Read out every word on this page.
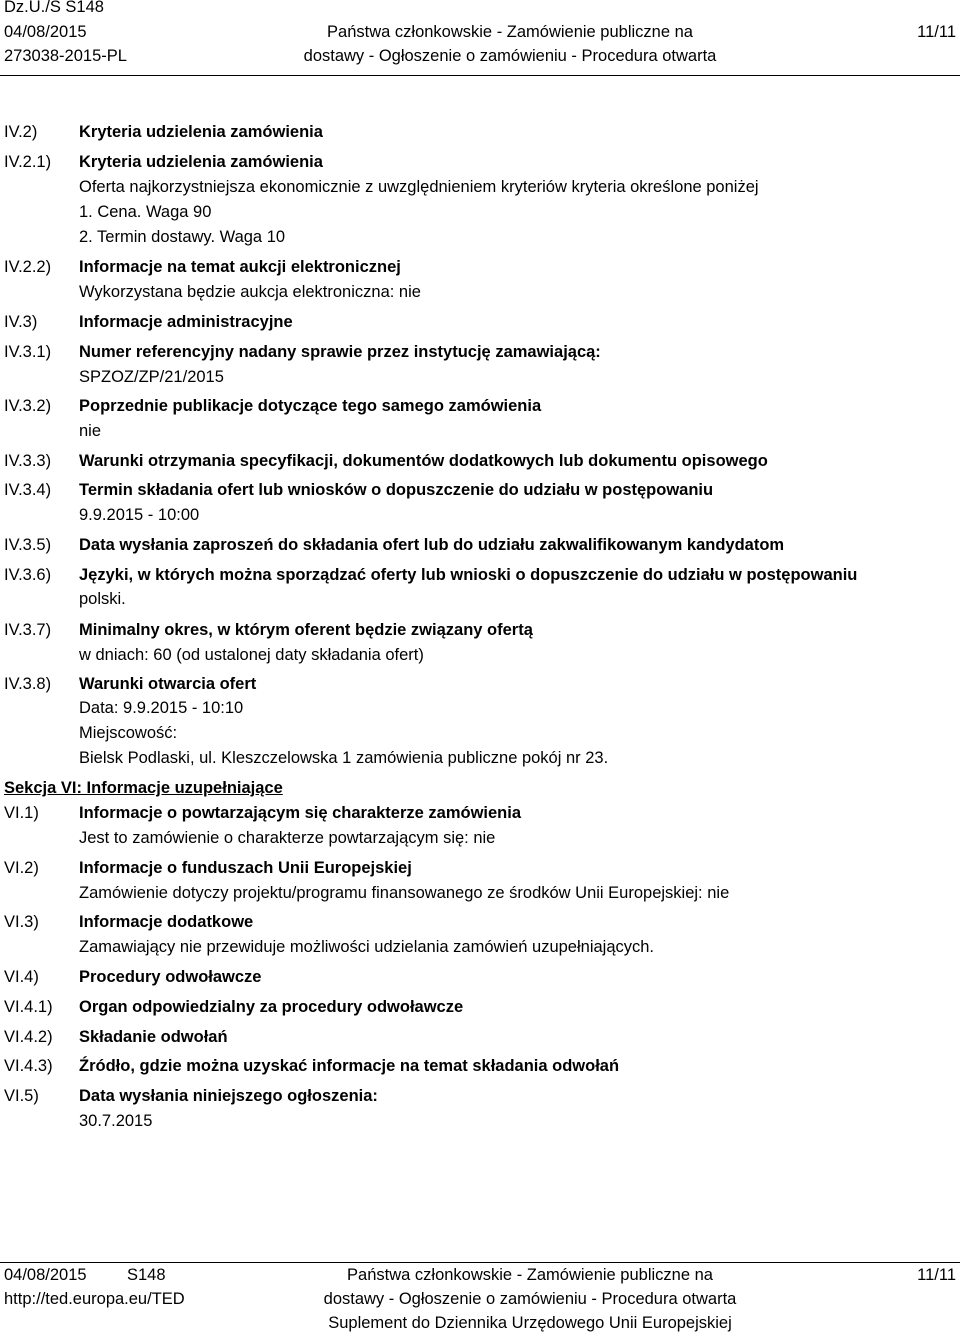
Dz.U./S S148
04/08/2015
273038-2015-PL
Państwa członkowskie - Zamówienie publiczne na
dostawy - Ogłoszenie o zamówieniu - Procedura otwarta
11/11
IV.2)	Kryteria udzielenia zamówienia
IV.2.1) Kryteria udzielenia zamówienia
Oferta najkorzystniejsza ekonomicznie z uwzględnieniem kryteriów kryteria określone poniżej
1. Cena. Waga 90
2. Termin dostawy. Waga 10
IV.2.2) Informacje na temat aukcji elektronicznej
Wykorzystana będzie aukcja elektroniczna: nie
IV.3)	Informacje administracyjne
IV.3.1) Numer referencyjny nadany sprawie przez instytucję zamawiającą:
SPZOZ/ZP/21/2015
IV.3.2) Poprzednie publikacje dotyczące tego samego zamówienia
nie
IV.3.3) Warunki otrzymania specyfikacji, dokumentów dodatkowych lub dokumentu opisowego
IV.3.4) Termin składania ofert lub wniosków o dopuszczenie do udziału w postępowaniu
9.9.2015 - 10:00
IV.3.5) Data wysłania zaproszeń do składania ofert lub do udziału zakwalifikowanym kandydatom
IV.3.6) Języki, w których można sporządzać oferty lub wnioski o dopuszczenie do udziału w postępowaniu
polski.
IV.3.7) Minimalny okres, w którym oferent będzie związany ofertą
w dniach: 60 (od ustalonej daty składania ofert)
IV.3.8) Warunki otwarcia ofert
Data: 9.9.2015 - 10:10
Miejscowość:
Bielsk Podlaski, ul. Kleszczelowska 1 zamówienia publiczne pokój nr 23.
Sekcja VI: Informacje uzupełniające
VI.1) Informacje o powtarzającym się charakterze zamówienia
Jest to zamówienie o charakterze powtarzającym się: nie
VI.2) Informacje o funduszach Unii Europejskiej
Zamówienie dotyczy projektu/programu finansowanego ze środków Unii Europejskiej: nie
VI.3) Informacje dodatkowe
Zamawiający nie przewiduje możliwości udzielania zamówień uzupełniających.
VI.4) Procedury odwoławcze
VI.4.1) Organ odpowiedzialny za procedury odwoławcze
VI.4.2) Składanie odwołań
VI.4.3) Źródło, gdzie można uzyskać informacje na temat składania odwołań
VI.5) Data wysłania niniejszego ogłoszenia:
30.7.2015
04/08/2015 S148
http://ted.europa.eu/TED
Państwa członkowskie - Zamówienie publiczne na
dostawy - Ogłoszenie o zamówieniu - Procedura otwarta
Suplement do Dziennika Urzędowego Unii Europejskiej
11/11
